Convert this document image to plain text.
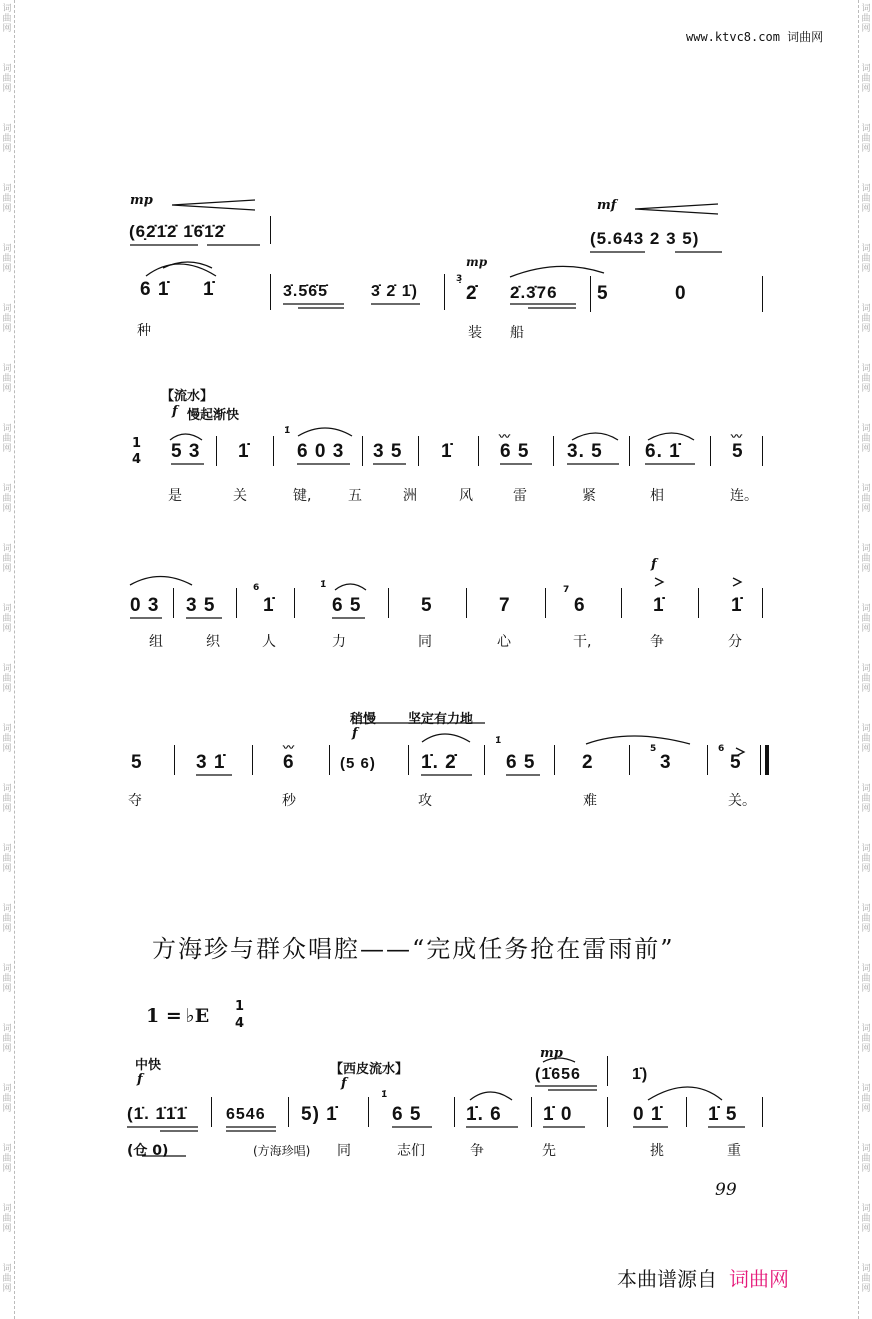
词
曲
网
词
曲
网
词
曲
网
词
曲
网
词
曲
网
词
曲
网
词
曲
网
词
曲
网
词
曲
网
词
曲
网
词
曲
网
词
曲
网
词
曲
网
词
曲
网
词
曲
网
词
曲
网
词
曲
网
词
曲
网
词
曲
网
词
曲
网
词
曲
网
词
曲
网
词
曲
网
词
曲
网
词
曲
网
词
曲
网
词
曲
网
词
曲
网
词
曲
网
词
曲
网
词
曲
网
词
曲
网
词
曲
网
词
曲
网
词
曲
网
词
曲
网
词
曲
网
词
曲
网
词
曲
网
词
曲
网
词
曲
网
词
曲
网
词
曲
网
词
曲
网
www.ktvc8.com 词曲网
mp
mp
mf
(6̣2̇1̇2̇ 1̇6̇1̇2̇	(5.643 2 3 5)
6 1̇ 1̇	3̇.5̇6̇5̇	3̇ 2̇ 1̇)
3̣
2̇ 2̇.3̇76 5	0
种	装 船
【流水】
f 慢起渐快
1
4 5 3 1̇
1̇
6 0 3 3 5 1̇ 6 5 3. 5 6. 1̇	5
是	关	键,	五	洲	风	雷	紧	相	连。
f
0 3 3 5
6
1̇
1̇
6 5	5	7
7
6	1̇	1̇
组	织	人	力	同	心	干,	争	分
稍慢 坚定有力地
f
5	3 1̇	6	(5 6) 1̇. 2̇
1̇
6 5 2
5
3
6
5
夺	秒	攻	难	关。
方海珍与群众唱腔——“完成任务抢在雷雨前”
1 = ♭E 1
4
中快
f
【西皮流水】
f
mp
(1̇656	1̇)
(1̇. 1̇1̇1̇ 6546 5) 1̇
1̇
6 5 1̇. 6 1̇ 0	0 1̇ 1̇ 5
(仓 0)	(方海珍唱) 同	志们	争	先	挑	重
99
本曲谱源自 词曲网
〰	〰
〰
